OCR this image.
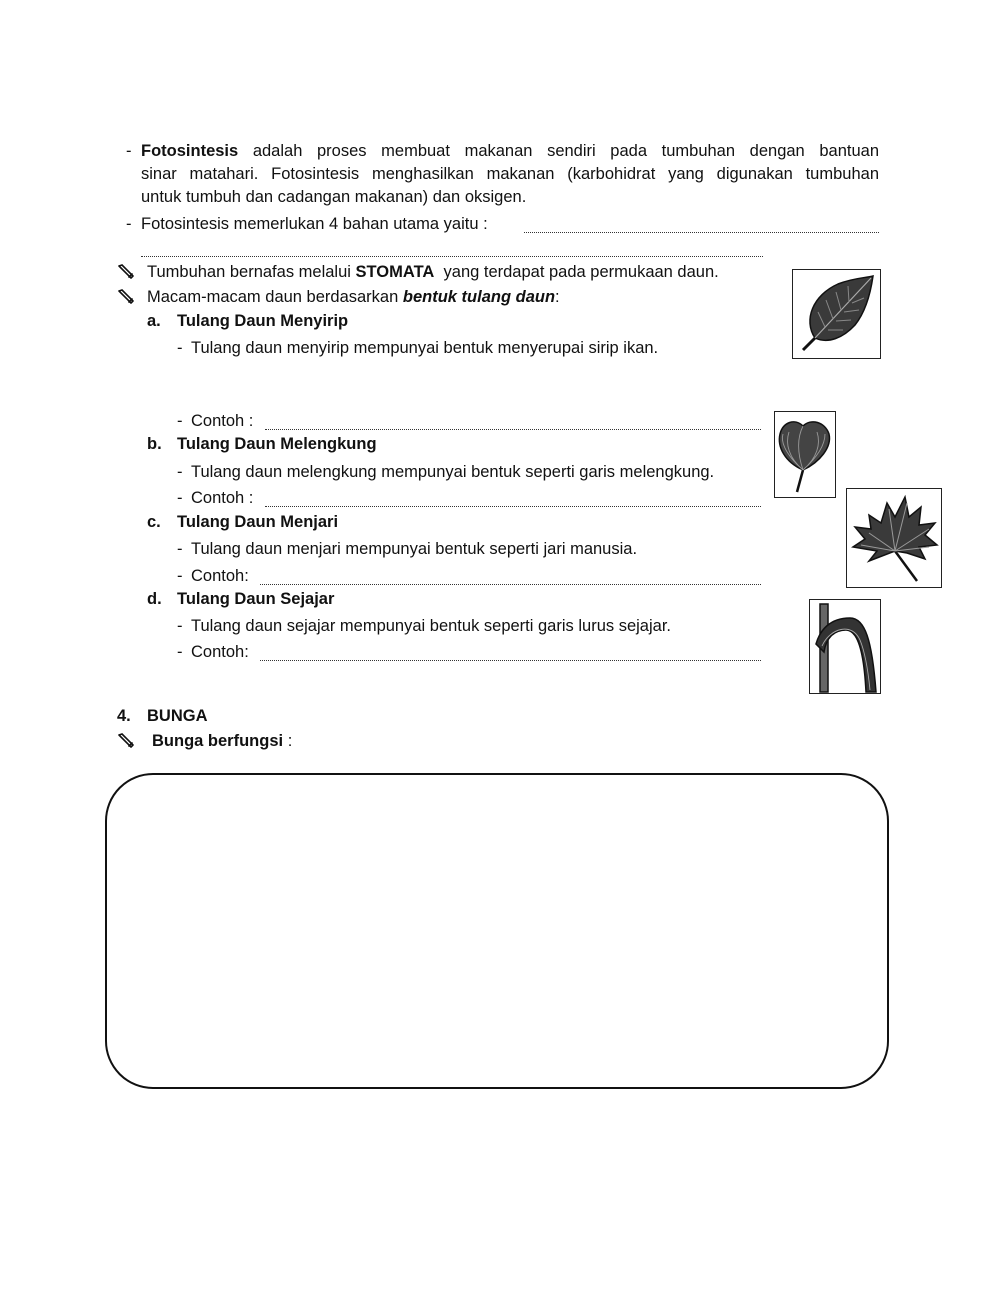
- Fotosintesis adalah proses membuat makanan sendiri pada tumbuhan dengan bantuan
sinar matahari. Fotosintesis menghasilkan makanan (karbohidrat yang digunakan tumbuhan
untuk tumbuh dan cadangan makanan) dan oksigen.
- Fotosintesis memerlukan 4 bahan utama yaitu :
Tumbuhan bernafas melalui STOMATA yang terdapat pada permukaan daun.
Macam-macam daun berdasarkan bentuk tulang daun:
a. Tulang Daun Menyirip
- Tulang daun menyirip mempunyai bentuk menyerupai sirip ikan.
- Contoh :
b. Tulang Daun Melengkung
- Tulang daun melengkung mempunyai bentuk seperti garis melengkung.
- Contoh :
c. Tulang Daun Menjari
- Tulang daun menjari mempunyai bentuk seperti jari manusia.
- Contoh:
d. Tulang Daun Sejajar
- Tulang daun sejajar mempunyai bentuk seperti garis lurus sejajar.
- Contoh:
4. BUNGA
Bunga berfungsi :
